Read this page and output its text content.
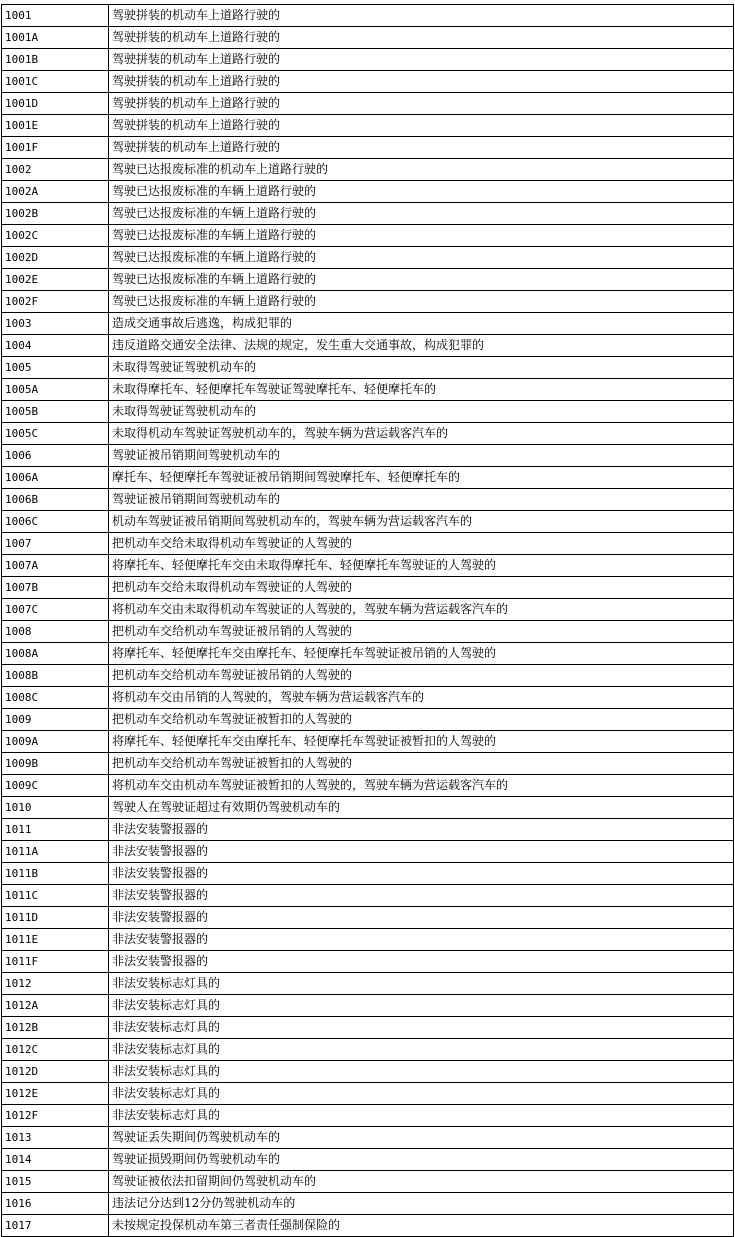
1001	驾驶拼装的机动车上道路行驶的
1001A	驾驶拼装的机动车上道路行驶的
1001B	驾驶拼装的机动车上道路行驶的
1001C	驾驶拼装的机动车上道路行驶的
1001D	驾驶拼装的机动车上道路行驶的
1001E	驾驶拼装的机动车上道路行驶的
1001F	驾驶拼装的机动车上道路行驶的
1002	驾驶已达报废标准的机动车上道路行驶的
1002A	驾驶已达报废标准的车辆上道路行驶的
1002B	驾驶已达报废标准的车辆上道路行驶的
1002C	驾驶已达报废标准的车辆上道路行驶的
1002D	驾驶已达报废标准的车辆上道路行驶的
1002E	驾驶已达报废标准的车辆上道路行驶的
1002F	驾驶已达报废标准的车辆上道路行驶的
1003	造成交通事故后逃逸，构成犯罪的
1004	违反道路交通安全法律、法规的规定，发生重大交通事故，构成犯罪的
1005	未取得驾驶证驾驶机动车的
1005A	未取得摩托车、轻便摩托车驾驶证驾驶摩托车、轻便摩托车的
1005B	未取得驾驶证驾驶机动车的
1005C	未取得机动车驾驶证驾驶机动车的，驾驶车辆为营运载客汽车的
1006	驾驶证被吊销期间驾驶机动车的
1006A	摩托车、轻便摩托车驾驶证被吊销期间驾驶摩托车、轻便摩托车的
1006B	驾驶证被吊销期间驾驶机动车的
1006C	机动车驾驶证被吊销期间驾驶机动车的，驾驶车辆为营运载客汽车的
1007	把机动车交给未取得机动车驾驶证的人驾驶的
1007A	将摩托车、轻便摩托车交由未取得摩托车、轻便摩托车驾驶证的人驾驶的
1007B	把机动车交给未取得机动车驾驶证的人驾驶的
1007C	将机动车交由未取得机动车驾驶证的人驾驶的，驾驶车辆为营运载客汽车的
1008	把机动车交给机动车驾驶证被吊销的人驾驶的
1008A	将摩托车、轻便摩托车交由摩托车、轻便摩托车驾驶证被吊销的人驾驶的
1008B	把机动车交给机动车驾驶证被吊销的人驾驶的
1008C	将机动车交由吊销的人驾驶的，驾驶车辆为营运载客汽车的
1009	把机动车交给机动车驾驶证被暂扣的人驾驶的
1009A	将摩托车、轻便摩托车交由摩托车、轻便摩托车驾驶证被暂扣的人驾驶的
1009B	把机动车交给机动车驾驶证被暂扣的人驾驶的
1009C	将机动车交由机动车驾驶证被暂扣的人驾驶的，驾驶车辆为营运载客汽车的
1010	驾驶人在驾驶证超过有效期仍驾驶机动车的
1011	非法安装警报器的
1011A	非法安装警报器的
1011B	非法安装警报器的
1011C	非法安装警报器的
1011D	非法安装警报器的
1011E	非法安装警报器的
1011F	非法安装警报器的
1012	非法安装标志灯具的
1012A	非法安装标志灯具的
1012B	非法安装标志灯具的
1012C	非法安装标志灯具的
1012D	非法安装标志灯具的
1012E	非法安装标志灯具的
1012F	非法安装标志灯具的
1013	驾驶证丢失期间仍驾驶机动车的
1014	驾驶证损毁期间仍驾驶机动车的
1015	驾驶证被依法扣留期间仍驾驶机动车的
1016	违法记分达到12分仍驾驶机动车的
1017	未按规定投保机动车第三者责任强制保险的
